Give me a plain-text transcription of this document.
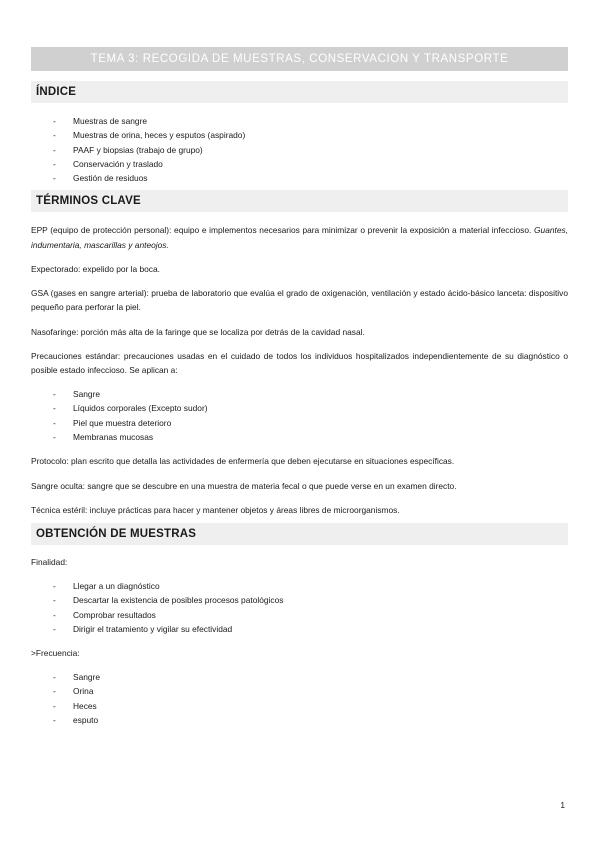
TEMA 3: RECOGIDA DE MUESTRAS, CONSERVACION Y TRANSPORTE
ÍNDICE
- Muestras de sangre
- Muestras de orina, heces y esputos (aspirado)
- PAAF y biopsias (trabajo de grupo)
- Conservación y traslado
- Gestión de residuos
TÉRMINOS CLAVE

EPP (equipo de protección personal): equipo e implementos necesarios para minimizar o prevenir la exposición a material infeccioso. Guantes, indumentaria, mascarillas y anteojos.

Expectorado: expelido por la boca.

GSA (gases en sangre arterial): prueba de laboratorio que evalúa el grado de oxigenación, ventilación y estado ácido-básico lanceta: dispositivo pequeño para perforar la piel.

Nasofaringe: porción más alta de la faringe que se localiza por detrás de la cavidad nasal.

Precauciones estándar: precauciones usadas en el cuidado de todos los individuos hospitalizados independientemente de su diagnóstico o posible estado infeccioso. Se aplican a:

- Sangre
- Líquidos corporales (Excepto sudor)
- Piel que muestra deterioro
- Membranas mucosas

Protocolo: plan escrito que detalla las actividades de enfermería que deben ejecutarse en situaciones específicas.

Sangre oculta: sangre que se descubre en una muestra de materia fecal o que puede verse en un examen directo.

Técnica estéril: incluye prácticas para hacer y mantener objetos y áreas libres de microorganismos.

OBTENCIÓN DE MUESTRAS
Finalidad:
- Llegar a un diagnóstico
- Descartar la existencia de posibles procesos patológicos
- Comprobar resultados
- Dirigir el tratamiento y vigilar su efectividad
>Frecuencia:
- Sangre
- Orina
- Heces
- esputo
1
